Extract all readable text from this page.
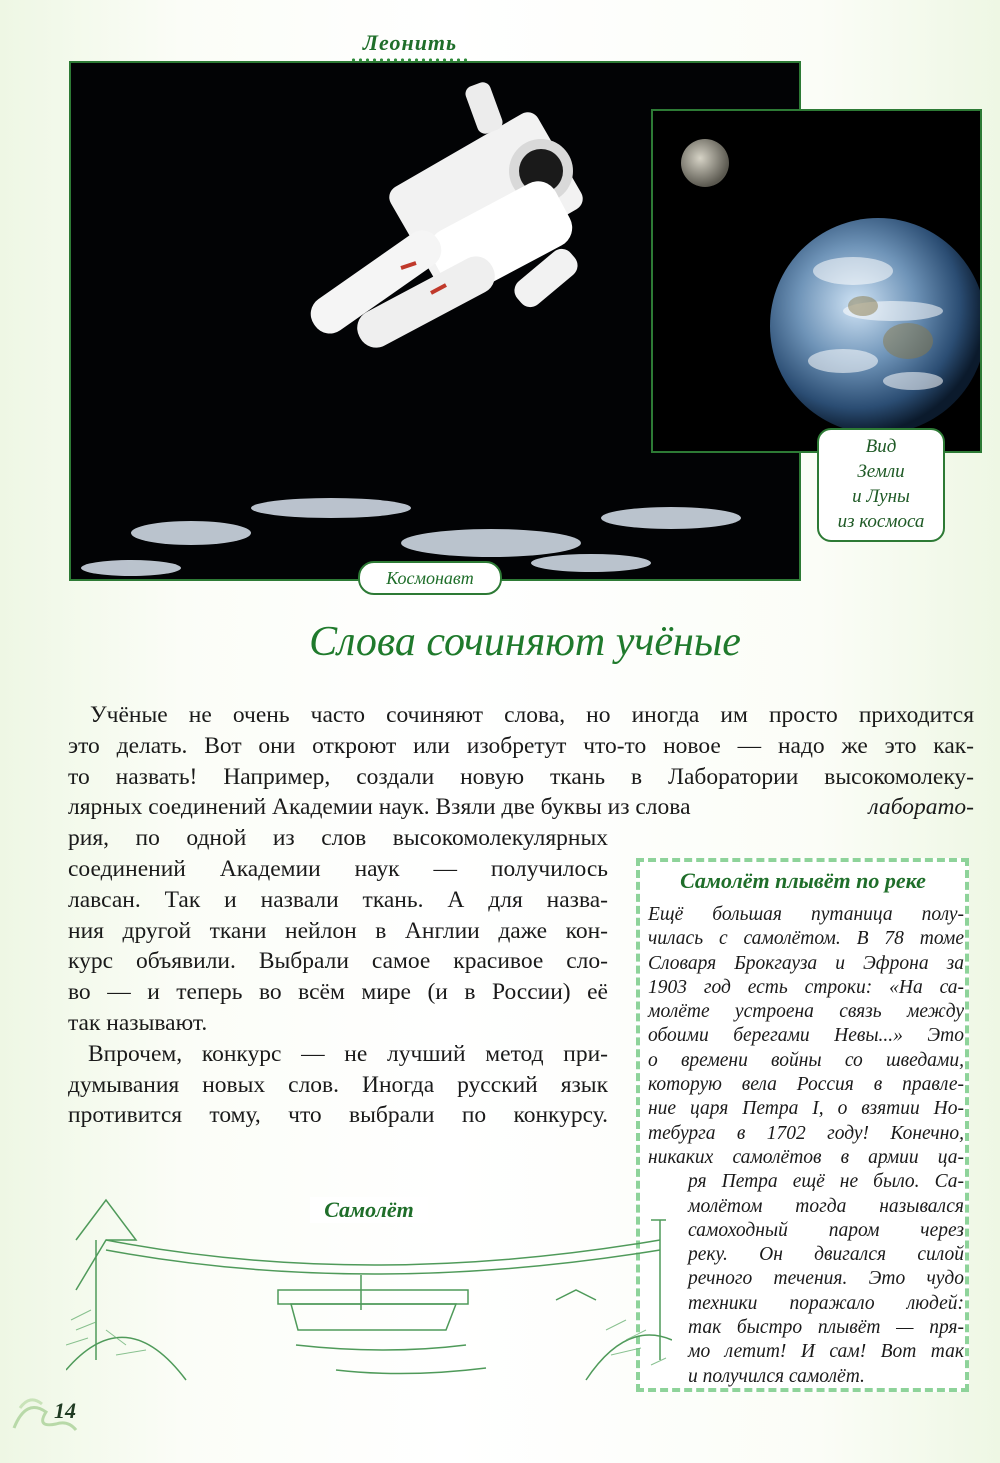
Леонить
Космонавт
Вид
Земли
и Луны
из космоса
Слова сочиняют учёные
Учёные не очень часто сочиняют слова, но иногда им просто приходится
это делать. Вот они откроют или изобретут что-то новое — надо же это как-
то назвать! Например, создали новую ткань в Лаборатории высокомолеку-
лярных соединений Академии наук. Взяли две буквы из слова	лаборато-
рия, по одной из слов высокомолекулярных
соединений Академии наук — получилось
лавсан. Так и назвали ткань. А для назва-
ния другой ткани нейлон в Англии даже кон-
курс объявили. Выбрали самое красивое сло-
во — и теперь во всём мире (и в России) её
так называют.
Впрочем, конкурс — не лучший метод при-
думывания новых слов. Иногда русский язык
противится тому, что выбрали по конкурсу.
Самолёт плывёт по реке
Ещё большая путаница полу-
чилась с самолётом. В 78 томе
Словаря Брокгауза и Эфрона за
1903 год есть строки: «На са-
молёте устроена связь между
обоими берегами Невы...» Это
о времени войны со шведами,
которую вела Россия в правле-
ние царя Петра I, о взятии Но-
тебурга в 1702 году! Конечно,
никаких самолётов в армии ца-
ря Петра ещё не было. Са-
молётом тогда назывался
самоходный паром через
реку. Он двигался силой
речного течения. Это чудо
техники поражало людей:
так быстро плывёт — пря-
мо летит! И сам! Вот так
и получился самолёт.
Самолёт
14
